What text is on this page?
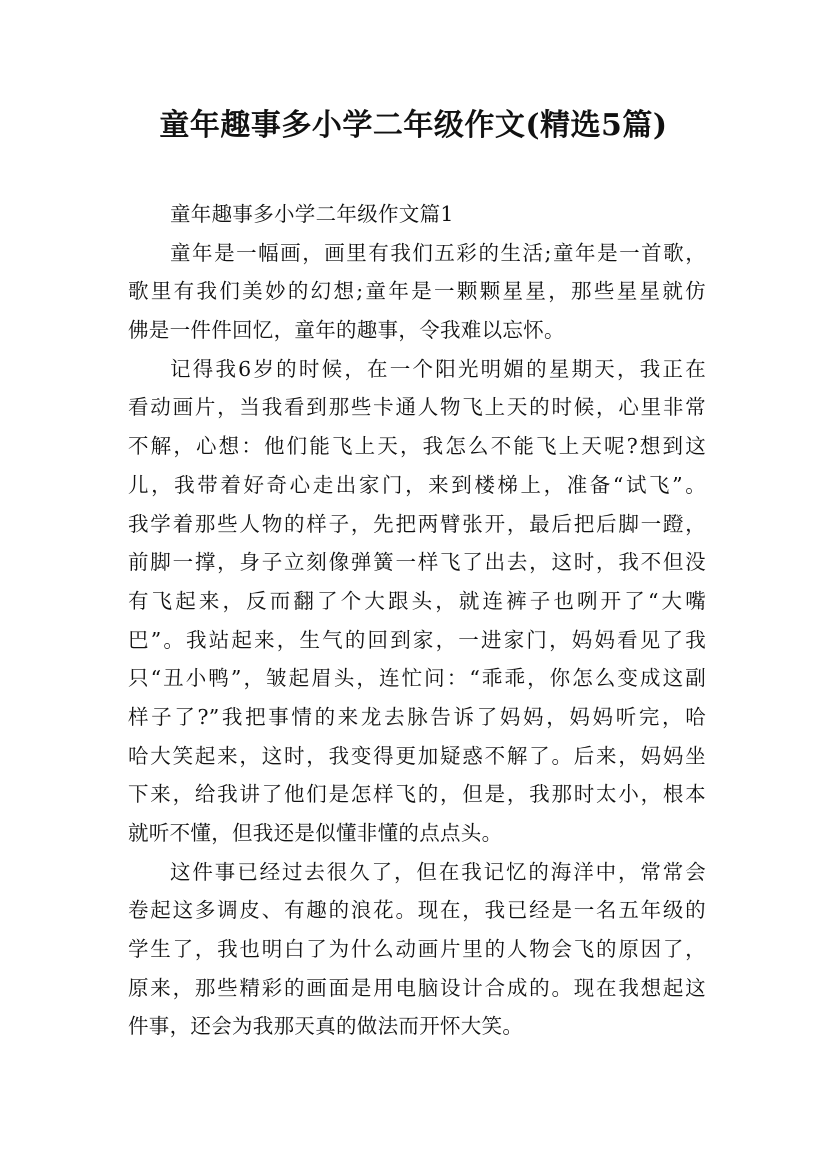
童年趣事多小学二年级作文(精选5篇)
童年趣事多小学二年级作文篇1
童年是一幅画，画里有我们五彩的生活;童年是一首歌，
歌里有我们美妙的幻想;童年是一颗颗星星，那些星星就仿
佛是一件件回忆，童年的趣事，令我难以忘怀。
记得我6岁的时候，在一个阳光明媚的星期天，我正在
看动画片，当我看到那些卡通人物飞上天的时候，心里非常
不解，心想：他们能飞上天，我怎么不能飞上天呢?想到这
儿，我带着好奇心走出家门，来到楼梯上，准备“试飞”。
我学着那些人物的样子，先把两臂张开，最后把后脚一蹬，
前脚一撑，身子立刻像弹簧一样飞了出去，这时，我不但没
有飞起来，反而翻了个大跟头，就连裤子也咧开了“大嘴
巴”。我站起来，生气的回到家，一进家门，妈妈看见了我
只“丑小鸭”，皱起眉头，连忙问：“乖乖，你怎么变成这副
样子了?”我把事情的来龙去脉告诉了妈妈，妈妈听完，哈
哈大笑起来，这时，我变得更加疑惑不解了。后来，妈妈坐
下来，给我讲了他们是怎样飞的，但是，我那时太小，根本
就听不懂，但我还是似懂非懂的点点头。
这件事已经过去很久了，但在我记忆的海洋中，常常会
卷起这多调皮、有趣的浪花。现在，我已经是一名五年级的
学生了，我也明白了为什么动画片里的人物会飞的原因了，
原来，那些精彩的画面是用电脑设计合成的。现在我想起这
件事，还会为我那天真的做法而开怀大笑。
